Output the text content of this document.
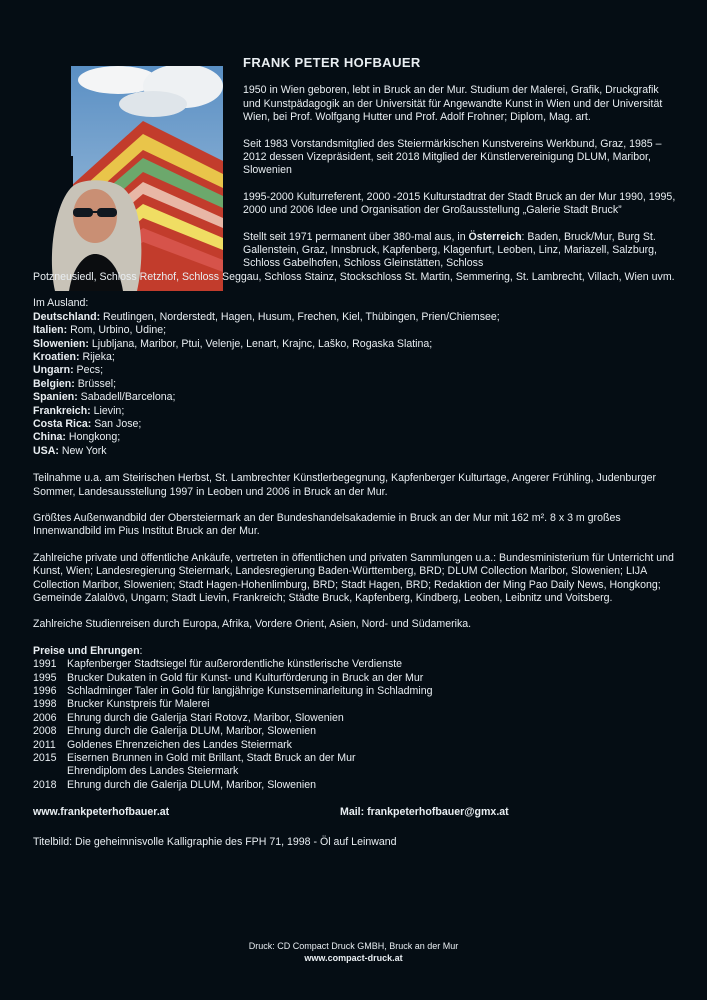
FRANK PETER HOFBAUER

1950 in Wien geboren, lebt in Bruck an der Mur. Studium der Malerei, Grafik, Druckgrafik und Kunstpädagogik an der Universität für Angewandte Kunst in Wien und der Universität Wien, bei Prof. Wolfgang Hutter und Prof. Adolf Frohner; Diplom, Mag. art.

Seit 1983 Vorstandsmitglied des Steiermärkischen Kunstvereins Werkbund, Graz, 1985 – 2012 dessen Vizepräsident, seit 2018 Mitglied der Künstlervereinigung DLUM, Maribor, Slowenien

1995-2000 Kulturreferent, 2000 -2015 Kulturstadtrat der Stadt Bruck an der Mur 1990, 1995, 2000 und 2006 Idee und Organisation der Großausstellung „Galerie Stadt Bruck”

Stellt seit 1971 permanent über 380-mal aus, in Österreich: Baden, Bruck/Mur, Burg St. Gallenstein, Graz, Innsbruck, Kapfenberg, Klagenfurt, Leoben, Linz, Mariazell, Salzburg, Schloss Gabelhofen, Schloss Gleinstätten, Schloss

Potzneusiedl, Schloss Retzhof, Schloss Seggau, Schloss Stainz, Stockschloss St. Martin, Semmering, St. Lambrecht, Villach, Wien uvm.

Im Ausland:
Deutschland: Reutlingen, Norderstedt, Hagen, Husum, Frechen, Kiel, Thübingen, Prien/Chiemsee;
Italien: Rom, Urbino, Udine;
Slowenien: Ljubljana, Maribor, Ptui, Velenje, Lenart, Krajnc, Laško, Rogaska Slatina;
Kroatien: Rijeka;
Ungarn: Pecs;
Belgien: Brüssel;
Spanien: Sabadell/Barcelona;
Frankreich: Lievin;
Costa Rica: San Jose;
China: Hongkong;
USA: New York

Teilnahme u.a. am Steirischen Herbst, St. Lambrechter Künstlerbegegnung, Kapfenberger Kulturtage, Angerer Frühling, Judenburger Sommer, Landesausstellung 1997 in Leoben und 2006 in Bruck an der Mur.

Größtes Außenwandbild der Obersteiermark an der Bundeshandelsakademie in Bruck an der Mur mit 162 m². 8 x 3 m großes Innenwandbild im Pius Institut Bruck an der Mur.

Zahlreiche private und öffentliche Ankäufe, vertreten in öffentlichen und privaten Sammlungen u.a.: Bundesministerium für Unterricht und Kunst, Wien; Landesregierung Steiermark, Landesregierung Baden-Württemberg, BRD; DLUM Collection Maribor, Slowenien; LIJA Collection Maribor, Slowenien; Stadt Hagen-Hohenlimburg, BRD; Stadt Hagen, BRD; Redaktion der Ming Pao Daily News, Hongkong; Gemeinde Zalalövö, Ungarn; Stadt Lievin, Frankreich; Städte Bruck, Kapfenberg, Kindberg, Leoben, Leibnitz und Voitsberg.

Zahlreiche Studienreisen durch Europa, Afrika, Vordere Orient, Asien, Nord- und Südamerika.

Preise und Ehrungen:
1991 Kapfenberger Stadtsiegel für außerordentliche künstlerische Verdienste
1995 Brucker Dukaten in Gold für Kunst- und Kulturförderung in Bruck an der Mur
1996 Schladminger Taler in Gold für langjährige Kunstseminarleitung in Schladming
1998 Brucker Kunstpreis für Malerei
2006 Ehrung durch die Galerija Stari Rotovz, Maribor, Slowenien
2008 Ehrung durch die Galerija DLUM, Maribor, Slowenien
2011	Goldenes Ehrenzeichen des Landes Steiermark
2015 Eisernen Brunnen in Gold mit Brillant, Stadt Bruck an der Mur
Ehrendiplom des Landes Steiermark
2018 Ehrung durch die Galerija DLUM, Maribor, Slowenien
www.frankpeterhofbauer.at	Mail: frankpeterhofbauer@gmx.at
Titelbild: Die geheimnisvolle Kalligraphie des FPH 71, 1998 - Öl auf Leinwand
Druck: CD Compact Druck GMBH, Bruck an der Mur
www.compact-druck.at
